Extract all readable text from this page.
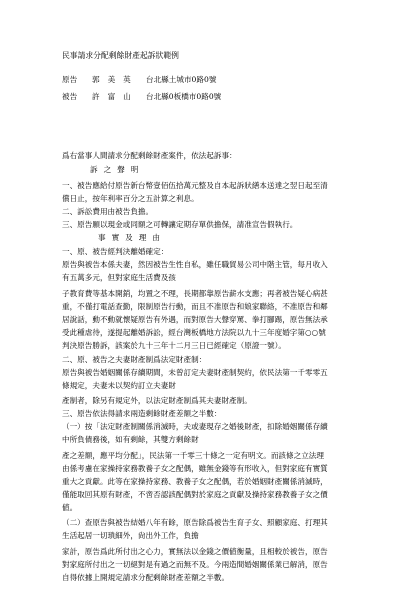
民事請求分配剩餘財產起訴狀範例
原告 郭美英 台北縣土城市0路0號
被告 許富山 台北縣0板橋市0路0號
爲右當事人間請求分配剩餘財產案件，依法起訴事：
訴之聲明
一、被告應給付原告新台幣壹佰伍拾萬元整及自本起訴狀繕本送達之翌日起至清
償日止，按年利率百分之五計算之利息。
二、訴訟費用由被告負擔。
三、原告願以現金或同額之可轉讓定期存單供擔保，請准宣告假執行。
事實及理由
一、原、被告經判決離婚確定：
原告與被告本係夫妻，然因被告生性自私，雖任職貿易公司中階主管，每月收入
有五萬多元，但對家庭生活費及孩
子教育費等基本開銷，均置之不理，長期都靠原告薪水支應；再者被告疑心病甚
重，不僅打電話查勤，限制原告行動，而且不准原告和娘家聯絡，不准原告和鄰
居說話，動不動就懷疑原告有外遇，而對原告大聲穿罵、拳打腳踢，原告無法承
受此種虐待，遂提起離婚訴訟，經台灣板橋地方法院以九十三年度婚字第○○號
判決原告勝訴，該案於九十三年十二月三日已經確定（原證一號）。
二、原、被告之夫妻財產制爲法定財產制：
原告與被告婚姻關係存續期間，未曾訂定夫妻財產制契約，依民法第一千零零五
條規定，夫妻未以契約訂立夫妻財
產制者，除另有規定外，以法定財產制爲其夫妻財產制。
三、原告依法得請求兩造剩餘財產差額之半數：
（一）按「法定財產制關係消滅時，夫或妻現存之婚後財產，扣除婚姻關係存續
中所負債務後，如有剩餘，其雙方剩餘財
產之差額，應平均分配」，民法第一千零三十條之一定有明文。而該條之立法理
由係考慮在家操持家務教養子女之配偶，雖無金錢等有形收入，但對家庭有實質
重大之貢獻。此等在家操持家務、教養子女之配偶，若於婚姻財產關係消滅時，
僅能取回其原有財產，不啻否認該配偶對於家庭之貢獻及操持家務教養子女之價
値。
（二）查原告與被告結婚八年有餘，原告除爲被告生育子女、照顧家庭、打理其
生活起居一切瑣細外，尙出外工作，負擔
家計，原告爲此所付出之心力，實無法以金錢之價値衡量，且相較於被告，原告
對家庭所付出之一切絕對是有過之而無不及。今兩造間婚姻關係業已解消，原告
自得依據上開規定請求分配剩餘財產差額之半數。
